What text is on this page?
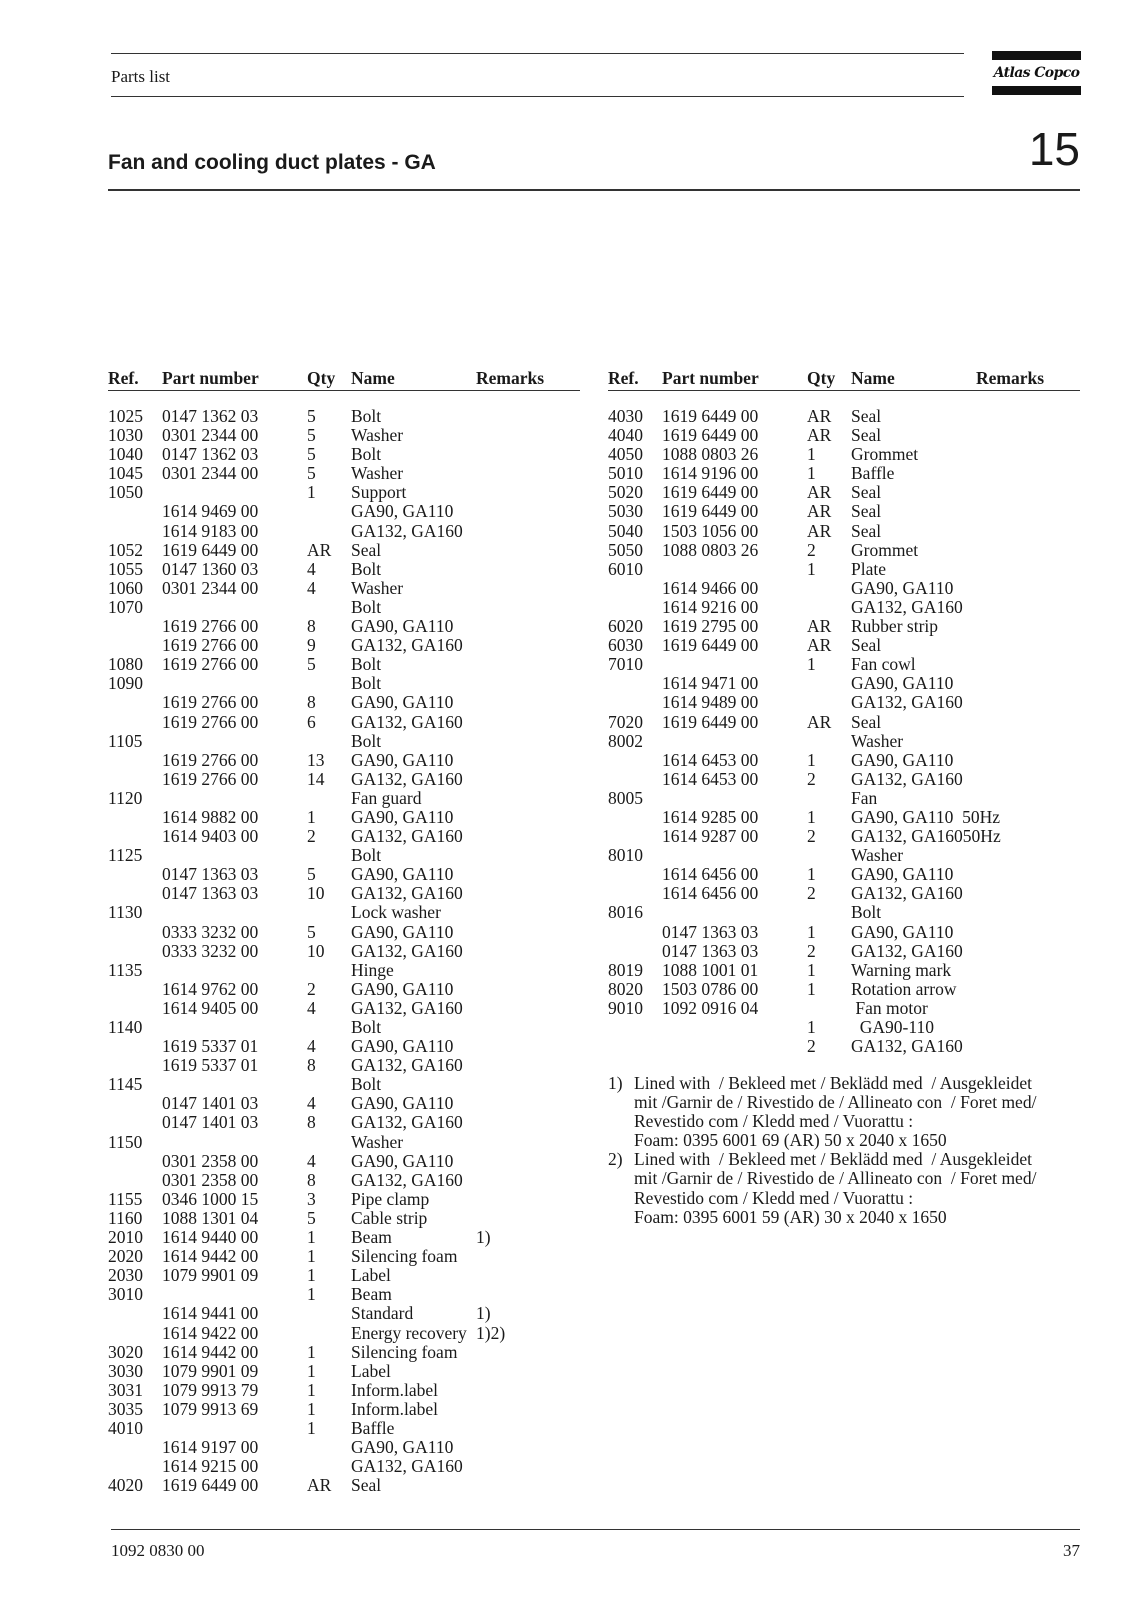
Parts list	Atlas Copco
Fan and cooling duct plates - GA	15
Ref. Part number	Qty Name	Remarks	Ref. Part number	Qty Name	Remarks
1025 0147 1362 03	5 Bolt
1030 0301 2344 00	5 Washer
1040 0147 1362 03	5 Bolt
1045 0301 2344 00	5 Washer
1050	1 Support
1614 9469 00	GA90, GA110
1614 9183 00	GA132, GA160
1052 1619 6449 00	AR Seal
1055 0147 1360 03	4 Bolt
1060 0301 2344 00	4 Washer
1070	Bolt
1619 2766 00	8 GA90, GA110
1619 2766 00	9 GA132, GA160
1080 1619 2766 00	5 Bolt
1090	Bolt
1619 2766 00	8 GA90, GA110
1619 2766 00	6 GA132, GA160
1105	Bolt
1619 2766 00	13 GA90, GA110
1619 2766 00	14 GA132, GA160
1120	Fan guard
1614 9882 00	1 GA90, GA110
1614 9403 00	2 GA132, GA160
1125	Bolt
0147 1363 03	5 GA90, GA110
0147 1363 03	10 GA132, GA160
1130	Lock washer
0333 3232 00	5 GA90, GA110
0333 3232 00	10 GA132, GA160
1135	Hinge
1614 9762 00	2 GA90, GA110
1614 9405 00	4 GA132, GA160
1140	Bolt
1619 5337 01	4 GA90, GA110
1619 5337 01	8 GA132, GA160
1145	Bolt
0147 1401 03	4 GA90, GA110
0147 1401 03	8 GA132, GA160
1150	Washer
0301 2358 00	4 GA90, GA110
0301 2358 00	8 GA132, GA160
1155 0346 1000 15	3 Pipe clamp
1160 1088 1301 04	5 Cable strip
2010 1614 9440 00	1 Beam	1)
2020 1614 9442 00	1 Silencing foam
2030 1079 9901 09	1 Label
3010	1 Beam
1614 9441 00	Standard	1)
1614 9422 00	Energy recovery 1)2)
3020 1614 9442 00	1 Silencing foam
3030 1079 9901 09	1 Label
3031 1079 9913 79	1 Inform.label
3035 1079 9913 69	1 Inform.label
4010	1 Baffle
1614 9197 00	GA90, GA110
1614 9215 00	GA132, GA160
4020 1619 6449 00	AR Seal
4030 1619 6449 00	AR Seal
4040 1619 6449 00	AR Seal
4050 1088 0803 26	1 Grommet
5010 1614 9196 00	1 Baffle
5020 1619 6449 00	AR Seal
5030 1619 6449 00	AR Seal
5040 1503 1056 00	AR Seal
5050 1088 0803 26	2 Grommet
6010	1 Plate
1614 9466 00	GA90, GA110
1614 9216 00	GA132, GA160
6020 1619 2795 00	AR Rubber strip
6030 1619 6449 00	AR Seal
7010	1 Fan cowl
1614 9471 00	GA90, GA110
1614 9489 00	GA132, GA160
7020 1619 6449 00	AR Seal
8002	Washer
1614 6453 00	1 GA90, GA110
1614 6453 00	2 GA132, GA160
8005	Fan
1614 9285 00	1 GA90, GA110  50Hz
1614 9287 00	2 GA132, GA16050Hz
8010	Washer
1614 6456 00	1 GA90, GA110
1614 6456 00	2 GA132, GA160
8016	Bolt
0147 1363 03	1 GA90, GA110
0147 1363 03	2 GA132, GA160
8019 1088 1001 01	1 Warning mark
8020 1503 0786 00	1 Rotation arrow
9010 1092 0916 04	Fan motor
1 GA90-110
2 GA132, GA160
1) Lined with  / Bekleed met / Beklädd med  / Ausgekleidet
mit /Garnir de / Rivestido de / Allineato con  / Foret med/
Revestido com / Kledd med / Vuorattu :
Foam: 0395 6001 69 (AR) 50 x 2040 x 1650
2) Lined with  / Bekleed met / Beklädd med  / Ausgekleidet
mit /Garnir de / Rivestido de / Allineato con  / Foret med/
Revestido com / Kledd med / Vuorattu :
Foam: 0395 6001 59 (AR) 30 x 2040 x 1650
1092 0830 00	37
